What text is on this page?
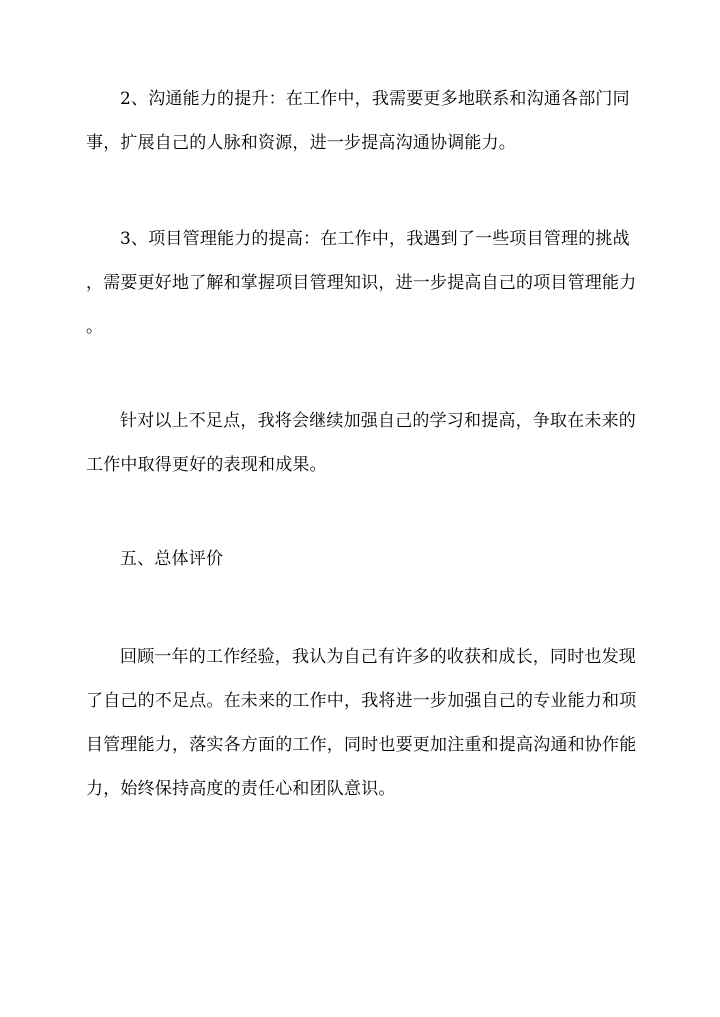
2、沟通能力的提升：在工作中，我需要更多地联系和沟通各部门同
事，扩展自己的人脉和资源，进一步提高沟通协调能力。
3、项目管理能力的提高：在工作中，我遇到了一些项目管理的挑战
，需要更好地了解和掌握项目管理知识，进一步提高自己的项目管理能力
。
针对以上不足点，我将会继续加强自己的学习和提高，争取在未来的
工作中取得更好的表现和成果。
五、总体评价
回顾一年的工作经验，我认为自己有许多的收获和成长，同时也发现
了自己的不足点。在未来的工作中，我将进一步加强自己的专业能力和项
目管理能力，落实各方面的工作，同时也要更加注重和提高沟通和协作能
力，始终保持高度的责任心和团队意识。
